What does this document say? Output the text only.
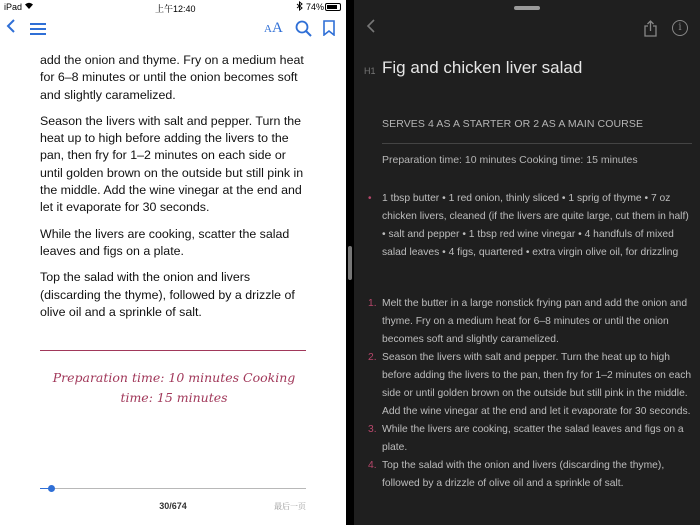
iPad	上午12:40	74%
AA

add the onion and thyme. Fry on a medium heat for 6–8 minutes or until the onion becomes soft and slightly caramelized.

Season the livers with salt and pepper. Turn the heat up to high before adding the livers to the pan, then fry for 1–2 minutes on each side or until golden brown on the outside but still pink in the middle. Add the wine vinegar at the end and let it evaporate for 30 seconds.

While the livers are cooking, scatter the salad leaves and figs on a plate.

Top the salad with the onion and livers (discarding the thyme), followed by a drizzle of olive oil and a sprinkle of salt.

Preparation time: 10 minutes Cooking time: 15 minutes
30/674	最后一页
i
H1 Fig and chicken liver salad
SERVES 4 AS A STARTER OR 2 AS A MAIN COURSE
Preparation time: 10 minutes Cooking time: 15 minutes
• 1 tbsp butter • 1 red onion, thinly sliced • 1 sprig of thyme • 7 oz chicken livers, cleaned (if the livers are quite large, cut them in half) • salt and pepper • 1 tbsp red wine vinegar • 4 handfuls of mixed salad leaves • 4 figs, quartered • extra virgin olive oil, for drizzling
1. Melt the butter in a large nonstick frying pan and add the onion and thyme. Fry on a medium heat for 6–8 minutes or until the onion becomes soft and slightly caramelized.
2. Season the livers with salt and pepper. Turn the heat up to high before adding the livers to the pan, then fry for 1–2 minutes on each side or until golden brown on the outside but still pink in the middle. Add the wine vinegar at the end and let it evaporate for 30 seconds.
3. While the livers are cooking, scatter the salad leaves and figs on a plate.
4. Top the salad with the onion and livers (discarding the thyme), followed by a drizzle of olive oil and a sprinkle of salt.
